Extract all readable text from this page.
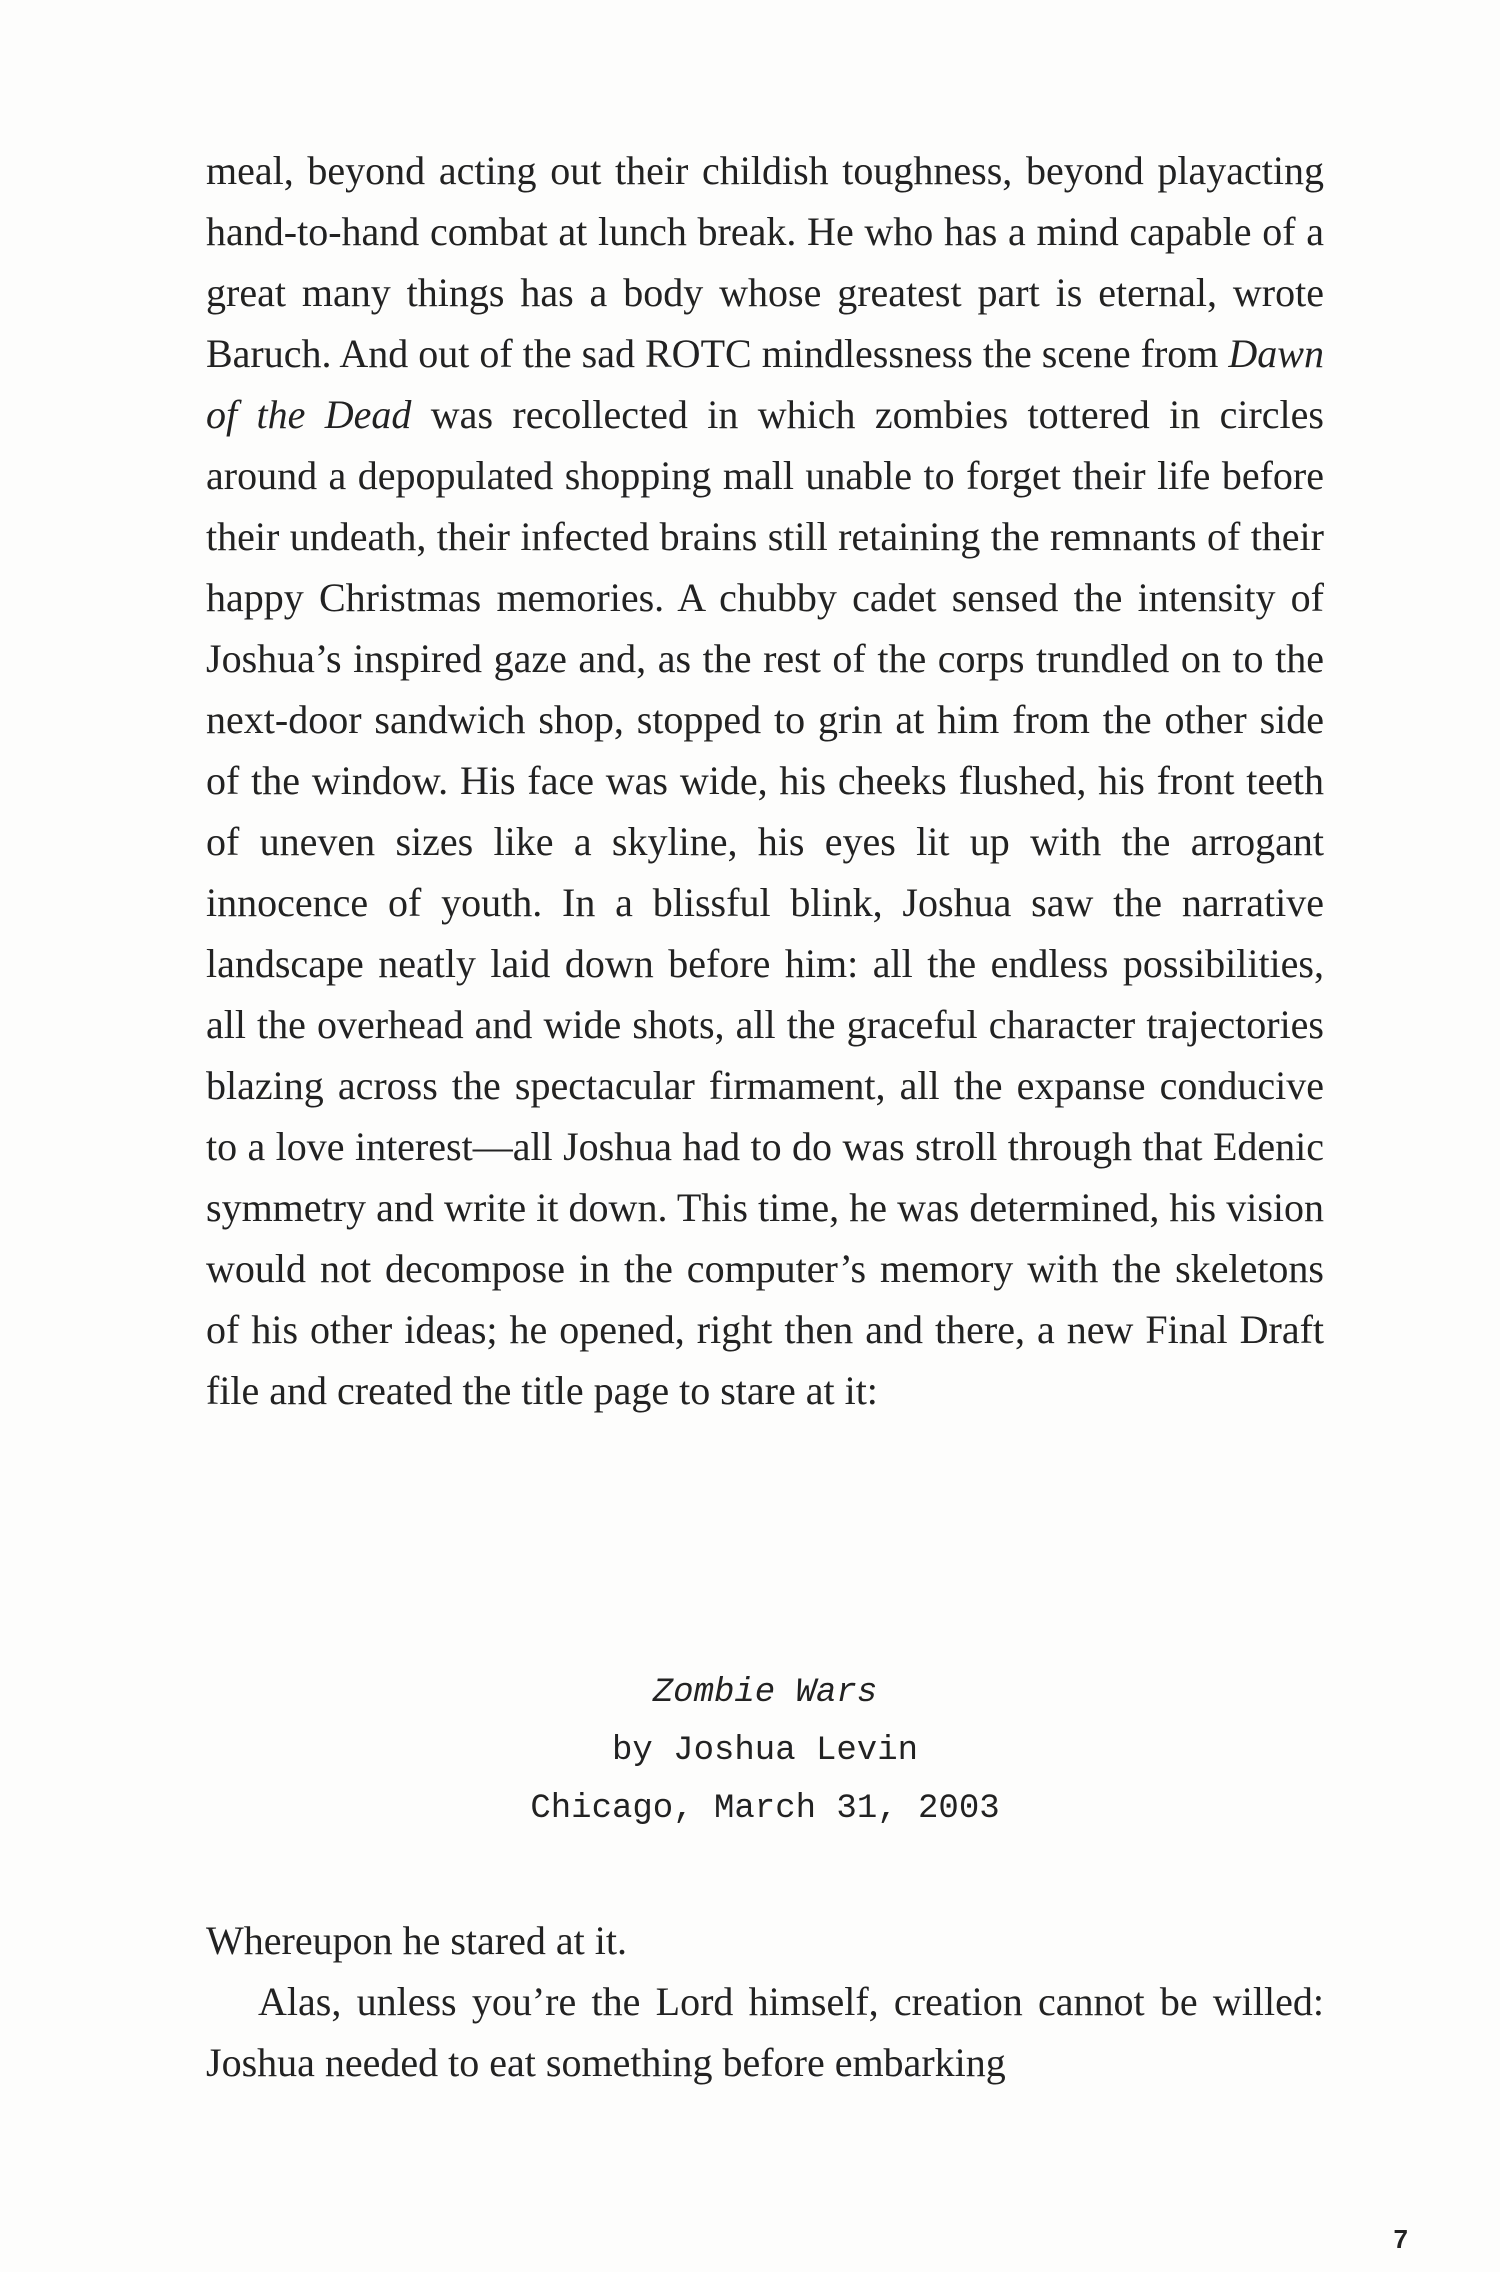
meal, beyond acting out their childish toughness, beyond playacting hand-to-hand combat at lunch break. He who has a mind capable of a great many things has a body whose greatest part is eternal, wrote Baruch. And out of the sad ROTC mindlessness the scene from Dawn of the Dead was recollected in which zombies tottered in circles around a depopulated shopping mall unable to forget their life before their undeath, their infected brains still retaining the remnants of their happy Christmas memories. A chubby cadet sensed the intensity of Joshua’s inspired gaze and, as the rest of the corps trundled on to the next-door sandwich shop, stopped to grin at him from the other side of the window. His face was wide, his cheeks flushed, his front teeth of uneven sizes like a skyline, his eyes lit up with the arrogant innocence of youth. In a blissful blink, Joshua saw the narrative landscape neatly laid down before him: all the endless possibilities, all the overhead and wide shots, all the graceful character trajectories blazing across the spectacular firmament, all the expanse conducive to a love interest—all Joshua had to do was stroll through that Edenic symmetry and write it down. This time, he was determined, his vision would not decompose in the computer’s memory with the skeletons of his other ideas; he opened, right then and there, a new Final Draft file and created the title page to stare at it:

Zombie Wars
by Joshua Levin
Chicago, March 31, 2003

Whereupon he stared at it.

Alas, unless you’re the Lord himself, creation cannot be willed: Joshua needed to eat something before embarking

7
